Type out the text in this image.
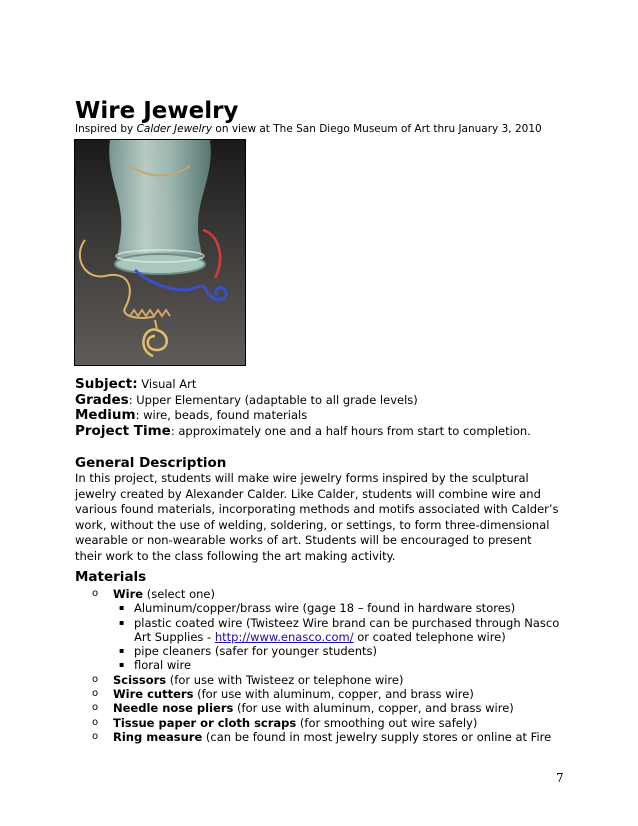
Wire Jewelry
Inspired by Calder Jewelry on view at The San Diego Museum of Art thru January 3, 2010
Subject: Visual Art
Grades: Upper Elementary (adaptable to all grade levels)
Medium: wire, beads, found materials
Project Time: approximately one and a half hours from start to completion.
General Description
In this project, students will make wire jewelry forms inspired by the sculptural
jewelry created by Alexander Calder. Like Calder, students will combine wire and
various found materials, incorporating methods and motifs associated with Calder’s
work, without the use of welding, soldering, or settings, to form three-dimensional
wearable or non-wearable works of art. Students will be encouraged to present
their work to the class following the art making activity.
Materials
o Wire (select one)
▪ Aluminum/copper/brass wire (gage 18 – found in hardware stores)
▪ plastic coated wire (Twisteez Wire brand can be purchased through Nasco
Art Supplies - http://www.enasco.com/ or coated telephone wire)
▪ pipe cleaners (safer for younger students)
▪ floral wire
o Scissors (for use with Twisteez or telephone wire)
o Wire cutters (for use with aluminum, copper, and brass wire)
o Needle nose pliers (for use with aluminum, copper, and brass wire)
o Tissue paper or cloth scraps (for smoothing out wire safely)
o Ring measure (can be found in most jewelry supply stores or online at Fire
7
